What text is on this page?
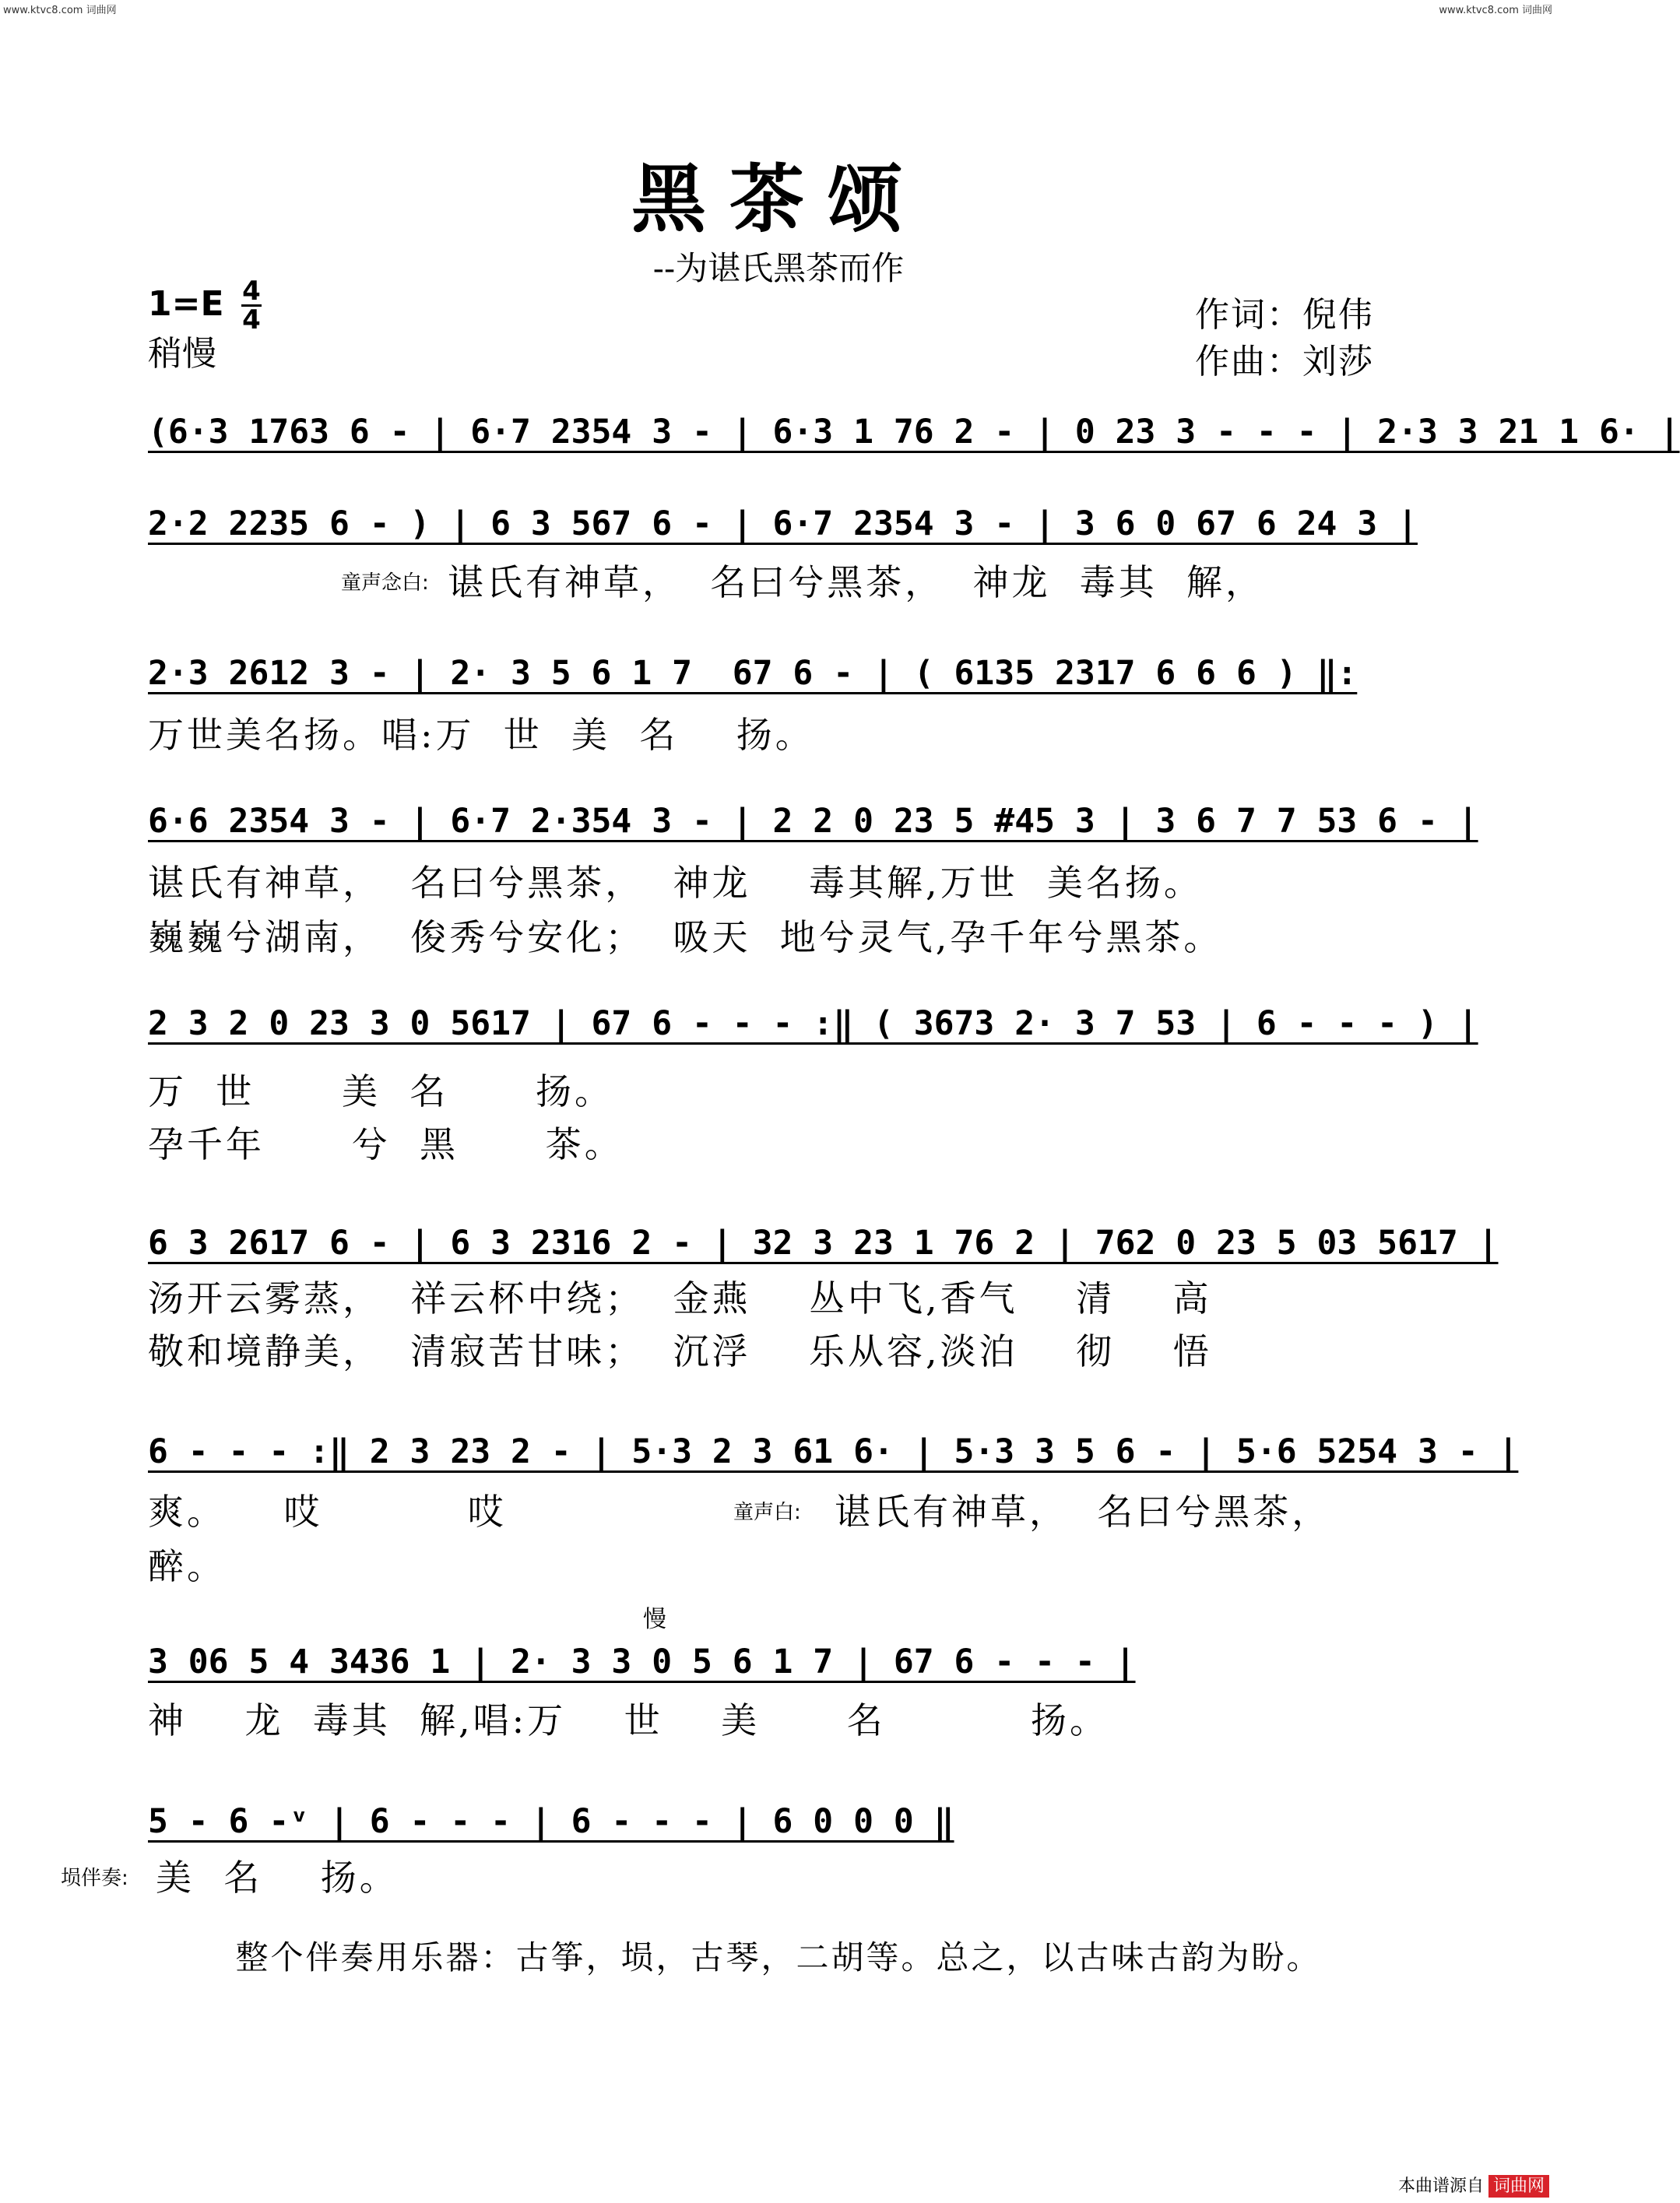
www.ktvc8.com 词曲网	www.ktvc8.com 词曲网
黑茶颂
--为谌氏黑茶而作
1=E 4
4
稍慢
作词：倪伟
作曲：刘莎
(6·3 1763 6 - | 6·7 2354 3 - | 6·3 1 76 2 - | 0 23 3 - - - | 2·3 3 21 1 6· |
2·2 2235 6 - ) | 6 3 567 6 - | 6·7 2354 3 - | 3 6 0 67 6 24 3 |
童声念白: 谌氏有神草，  名曰兮黑茶，  神龙  毒其  解，
2·3 2612 3 - | 2· 3 5 6 1 7  67 6 - | ( 6135 2317 6 6 6 ) ‖:
万世美名扬。唱:万  世  美  名    扬。
6·6 2354 3 - | 6·7 2·354 3 - | 2 2 0 23 5 #45 3 | 3 6 7 7 53 6 - |
谌氏有神草，  名曰兮黑茶，  神龙    毒其解,万世  美名扬。
巍巍兮湖南，  俊秀兮安化；  吸天  地兮灵气,孕千年兮黑茶。
2 3 2 0 23 3 0 5617 | 67 6 - - - :‖ ( 3673 2· 3 7 53 | 6 - - - ) |
万  世      美  名      扬。
孕千年      兮  黑      茶。
6 3 2617 6 - | 6 3 2316 2 - | 32 3 23 1 76 2 | 762 0 23 5 03 5617 |
汤开云雾蒸，  祥云杯中绕；  金燕    丛中飞,香气    清    高
敬和境静美，  清寂苦甘味；  沉浮    乐从容,淡泊    彻    悟
6 - - - :‖ 2 3 23 2 - | 5·3 2 3 61 6· | 5·3 3 5 6 - | 5·6 5254 3 - |
爽。    哎          哎	童声白: 谌氏有神草，  名曰兮黑茶，
醉。
慢
3 06 5 4 3436 1 | 2· 3 3 0 5 6 1 7 | 67 6 - - - |
神    龙  毒其  解,唱:万    世    美      名          扬。
5 - 6 -ᵛ | 6 - - - | 6 - - - | 6 0 0 0 ‖
埙伴奏: 美  名    扬。
整个伴奏用乐器：古筝，埙，古琴，二胡等。总之，以古味古韵为盼。
本曲谱源自 词曲网
